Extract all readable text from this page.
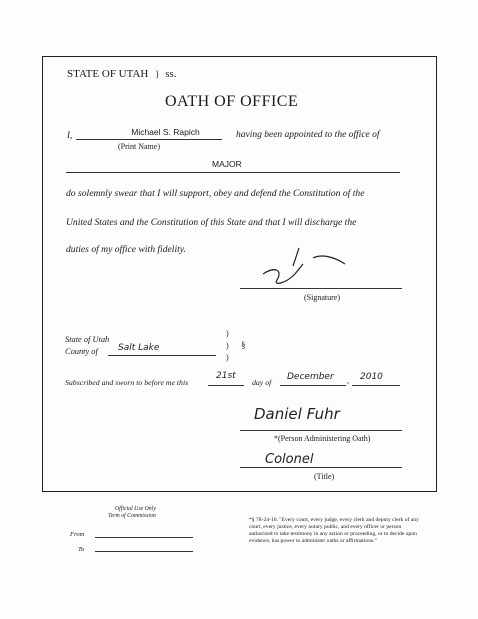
STATE OF UTAH } ss.
OATH OF OFFICE
I,	Michael S. Rapich
(Print Name)
having been appointed to the office of
MAJOR
do solemnly swear that I will support, obey and defend the Constitution of the
United States and the Constitution of this State and that I will discharge the
duties of my office with fidelity.
(Signature)
State of Utah
County of Salt Lake
)
)
)
§
Subscribed and sworn to before me this
21st
day of
December , 2010
Daniel Fuhr
*(Person Administering Oath)
Colonel
(Title)
Official Use Only
Term of Commission
From
To
*§ 78-24-16. "Every court, every judge, every clerk and deputy clerk of any court, every justice, every notary public, and every officer or person authorized to take testimony in any action or proceeding, or to decide upon evidence, has power to administer oaths or affirmations."
